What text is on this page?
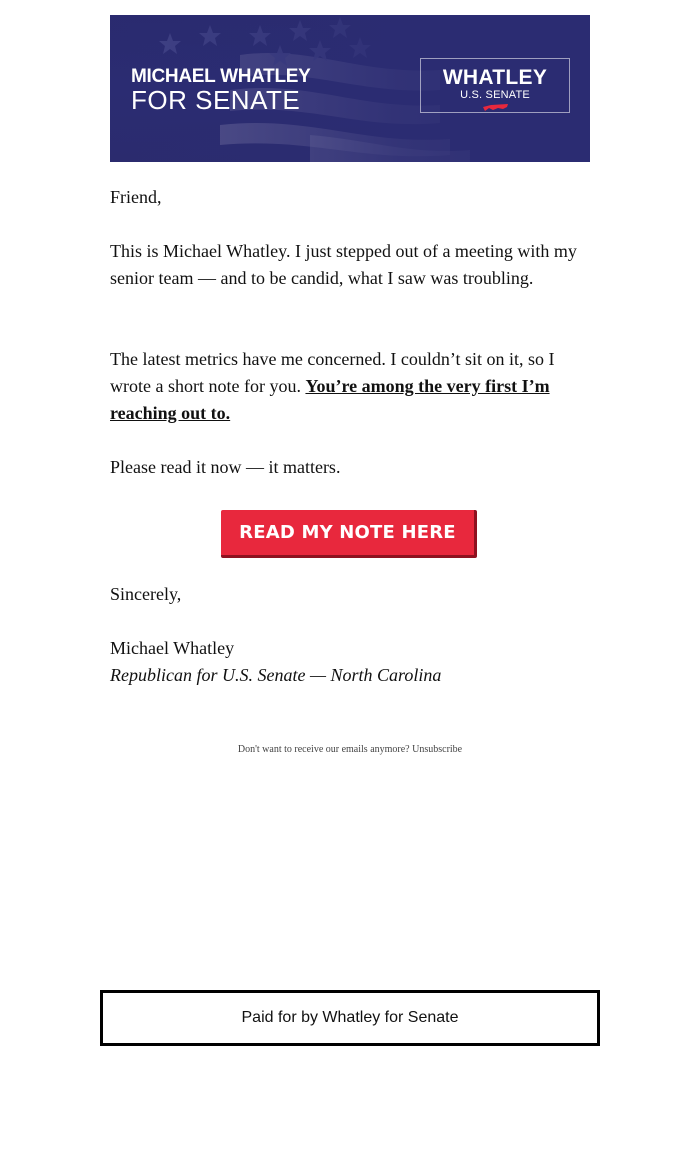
MICHAEL WHATLEY
FOR SENATE
WHATLEY
U.S. SENATE

Friend,

This is Michael Whatley. I just stepped out of a meeting with my senior team — and to be candid, what I saw was troubling.

The latest metrics have me concerned. I couldn’t sit on it, so I wrote a short note for you. You’re among the very first I’m reaching out to.

Please read it now — it matters.

READ MY NOTE HERE

Sincerely,

Michael Whatley

Republican for U.S. Senate — North Carolina

Don't want to receive our emails anymore? Unsubscribe
Paid for by Whatley for Senate
